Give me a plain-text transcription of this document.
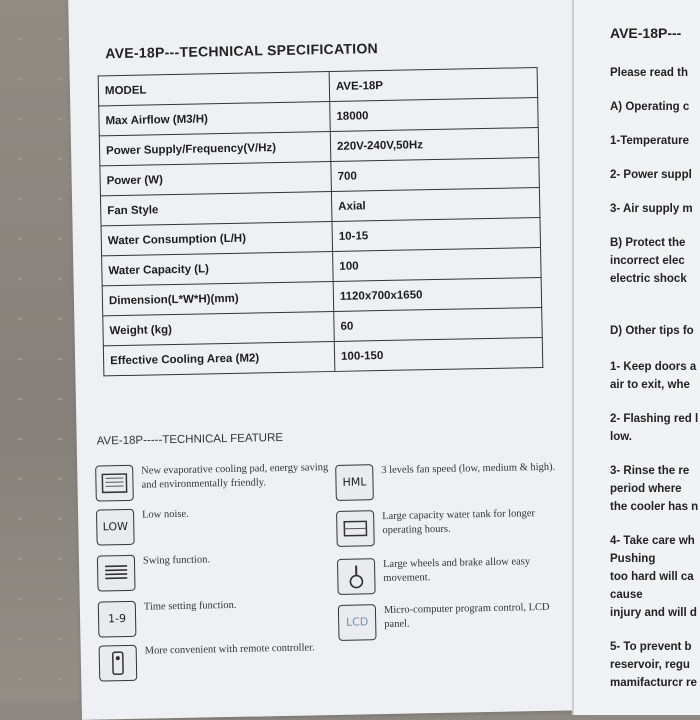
AVE-18P---TECHNICAL SPECIFICATION
MODEL	AVE-18P
Max Airflow (M3/H)	18000
Power Supply/Frequency(V/Hz)	220V-240V,50Hz
Power (W)	700
Fan Style	Axial
Water Consumption (L/H)	10-15
Water Capacity (L)	100
Dimension(L*W*H)(mm)	1120x700x1650
Weight (kg)	60
Effective Cooling Area (M2)	100-150
AVE-18P-----TECHNICAL FEATURE
New evaporative cooling pad, energy saving and environmentally friendly.
LOW
Low noise.
Swing function.
1-9
Time setting function.
More convenient with remote controller.
HML
3 levels fan speed (low, medium & high).
Large capacity water tank for longer operating hours.
Large wheels and brake allow easy movement.
LCD
Micro-computer program control, LCD panel.
AVE-18P---
Please read th
A) Operating c
1-Temperature
2- Power suppl
3- Air supply m
B) Protect the
incorrect elec
electric shock
D) Other tips fo
1- Keep doors a
air to exit, whe
2- Flashing red l
low.
3- Rinse the re
period where
the cooler has n
4- Take care wh
Pushing
too hard will ca
cause
injury and will d
5- To prevent b
reservoir, regu
mamifacturcr re
